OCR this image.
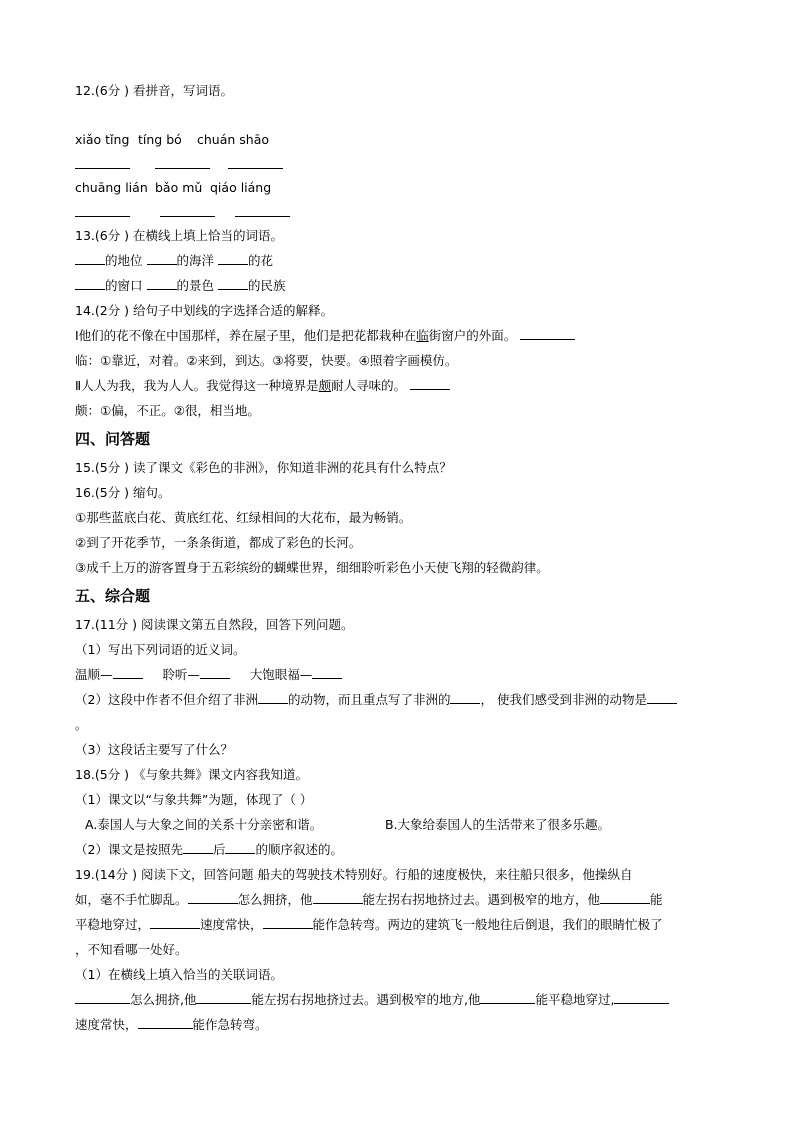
12.(6分 ) 看拼音，写词语。
xiǎo tǐng tíng bó chuán shāo
chuāng lián bǎo mǔ qiáo liáng
13.(6分 ) 在横线上填上恰当的词语。
的地位	的海洋	的花
的窗口	的景色	的民族
14.(2分 ) 给句子中划线的字选择合适的解释。
Ⅰ他们的花不像在中国那样，养在屋子里，他们是把花都栽种在临街窗户的外面。
临：①靠近，对着。②来到，到达。③将要，快要。④照着字画模仿。
Ⅱ人人为我，我为人人。我觉得这一种境界是颇耐人寻味的。
颇：①偏，不正。②很，相当地。
四、问答题
15.(5分 ) 读了课文《彩色的非洲》，你知道非洲的花具有什么特点？
16.(5分 ) 缩句。
①那些蓝底白花、黄底红花、红绿相间的大花布，最为畅销。
②到了开花季节，一条条街道，都成了彩色的长河。
③成千上万的游客置身于五彩缤纷的蝴蝶世界，细细聆听彩色小天使飞翔的轻微韵律。
五、综合题
17.(11分 ) 阅读课文第五自然段，回答下列问题。
（1）写出下列词语的近义词。
温顺—	聆听—	大饱眼福—
（2）这段中作者不但介绍了非洲 的动物，而且重点写了非洲的 ， 使我们感受到非洲的动物是
。
（3）这段话主要写了什么？
18.(5分 ) 《与象共舞》课文内容我知道。
（1）课文以“与象共舞”为题，体现了（ ）
A.泰国人与大象之间的关系十分亲密和谐。	B.大象给泰国人的生活带来了很多乐趣。
（2）课文是按照先 后 的顺序叙述的。
19.(14分 ) 阅读下文，回答问题 船夫的驾驶技术特别好。行船的速度极快，来往船只很多，他操纵自
如，毫不手忙脚乱。	怎么拥挤，他	能左拐右拐地挤过去。遇到极窄的地方，他	能
平稳地穿过，	速度常快，	能作急转弯。两边的建筑飞一般地往后倒退，我们的眼睛忙极了
，不知看哪一处好。
（1）在横线上填入恰当的关联词语。
怎么拥挤,他	能左拐右拐地挤过去。遇到极窄的地方,他	能平稳地穿过,
速度常快，	能作急转弯。
